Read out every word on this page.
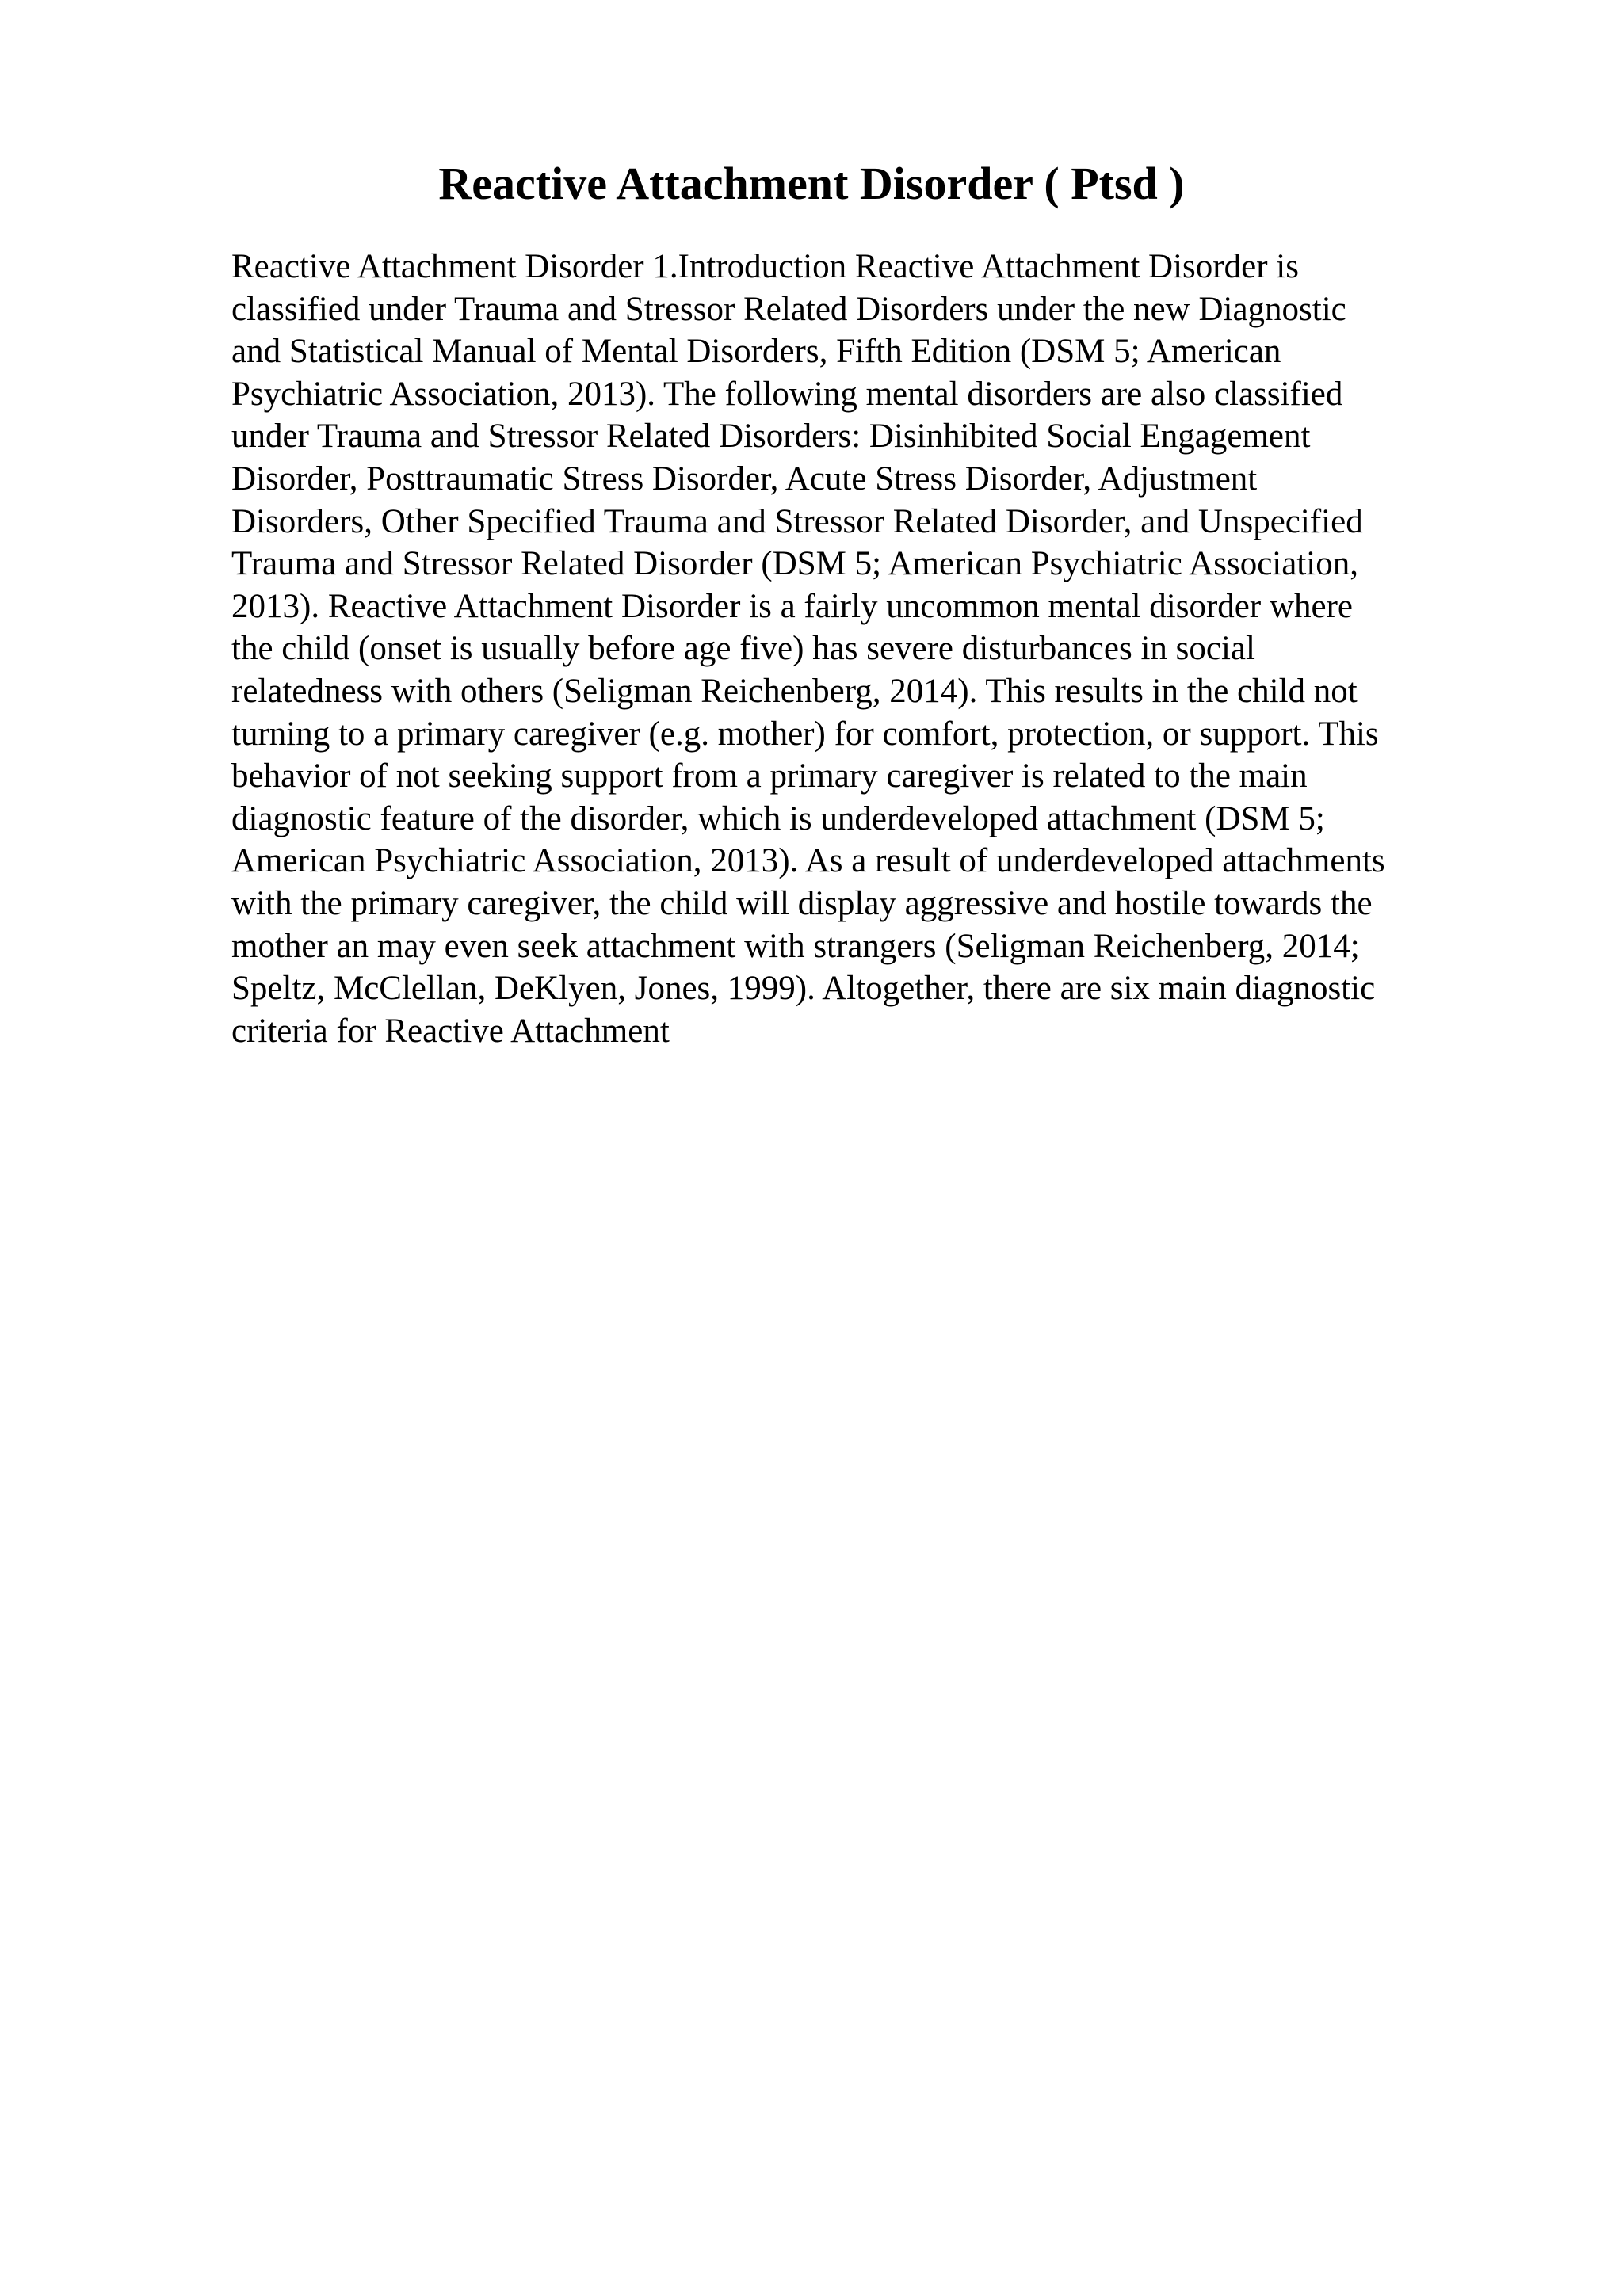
Reactive Attachment Disorder ( Ptsd )
Reactive Attachment Disorder 1.Introduction Reactive Attachment Disorder is
classified under Trauma and Stressor Related Disorders under the new Diagnostic
and Statistical Manual of Mental Disorders, Fifth Edition (DSM 5; American
Psychiatric Association, 2013). The following mental disorders are also classified
under Trauma and Stressor Related Disorders: Disinhibited Social Engagement
Disorder, Posttraumatic Stress Disorder, Acute Stress Disorder, Adjustment
Disorders, Other Specified Trauma and Stressor Related Disorder, and Unspecified
Trauma and Stressor Related Disorder (DSM 5; American Psychiatric Association,
2013). Reactive Attachment Disorder is a fairly uncommon mental disorder where
the child (onset is usually before age five) has severe disturbances in social
relatedness with others (Seligman Reichenberg, 2014). This results in the child not
turning to a primary caregiver (e.g. mother) for comfort, protection, or support. This
behavior of not seeking support from a primary caregiver is related to the main
diagnostic feature of the disorder, which is underdeveloped attachment (DSM 5;
American Psychiatric Association, 2013). As a result of underdeveloped attachments
with the primary caregiver, the child will display aggressive and hostile towards the
mother an may even seek attachment with strangers (Seligman Reichenberg, 2014;
Speltz, McClellan, DeKlyen, Jones, 1999). Altogether, there are six main diagnostic
criteria for Reactive Attachment
